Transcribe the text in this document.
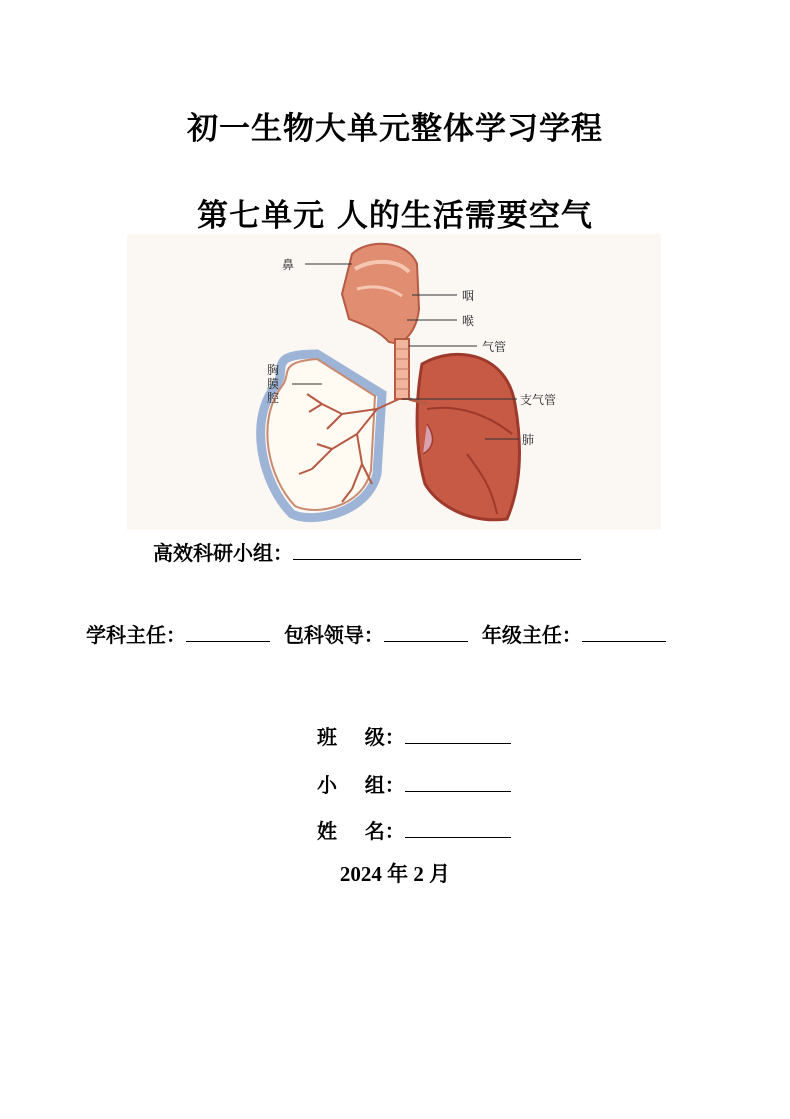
初一生物大单元整体学习学程
第七单元 人的生活需要空气
鼻
咽
喉
气管
支气管
肺
胸 膜 腔
高效科研小组：
学科主任：	包科领导：	年级主任：

班    级：

小    组：

姓    名：

2024 年 2 月
